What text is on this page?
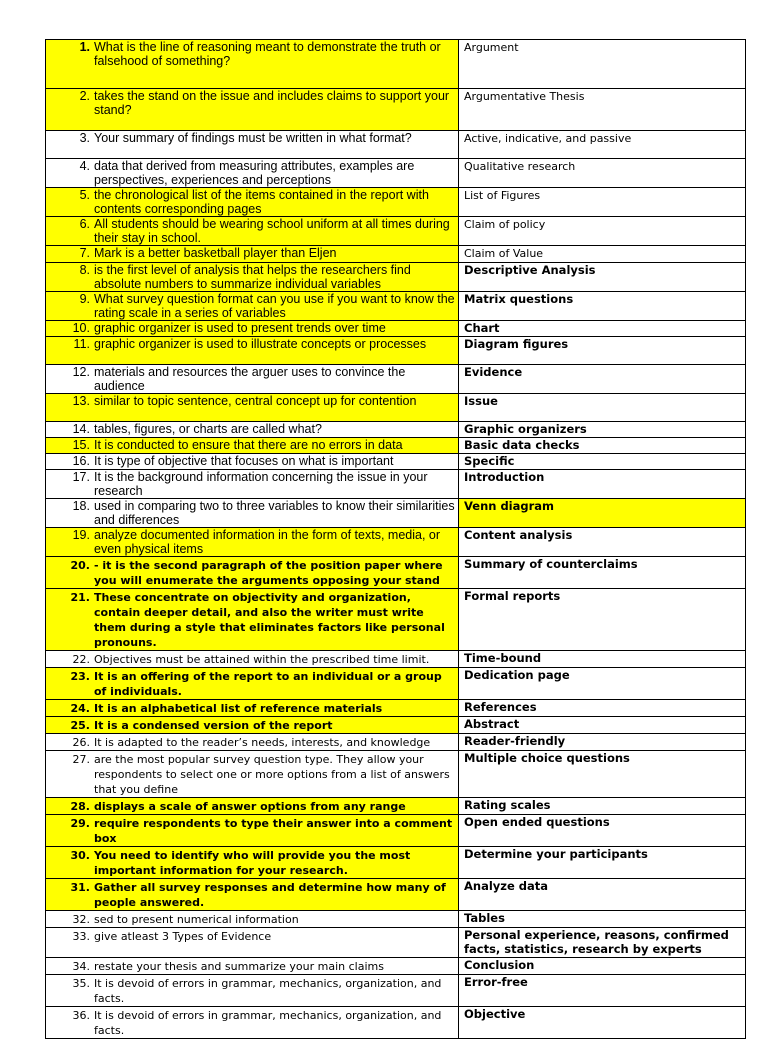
1. What is the line of reasoning meant to demonstrate the truth or falsehood of something?	Argument

2. takes the stand on the issue and includes claims to support your stand?	Argumentative Thesis

3. Your summary of findings must be written in what format?	Active, indicative, and passive

4. data that derived from measuring attributes, examples are perspectives, experiences and perceptions	Qualitative research

5. the chronological list of the items contained in the report with contents corresponding pages	List of Figures

6. All students should be wearing school uniform at all times during their stay in school.	Claim of policy

7. Mark is a better basketball player than Eljen	Claim of Value

8. is the first level of analysis that helps the researchers find absolute numbers to summarize individual variables	Descriptive Analysis

9. What survey question format can you use if you want to know the rating scale in a series of variables	Matrix questions

10. graphic organizer is used to present trends over time	Chart

11. graphic organizer is used to illustrate concepts or processes	Diagram figures

12. materials and resources the arguer uses to convince the audience	Evidence

13. similar to topic sentence, central concept up for contention	Issue

14. tables, figures, or charts are called what?	Graphic organizers

15. It is conducted to ensure that there are no errors in data	Basic data checks

16. It is type of objective that focuses on what is important	Specific

17. It is the background information concerning the issue in your research	Introduction

18. used in comparing two to three variables to know their similarities and differences	Venn diagram

19. analyze documented information in the form of texts, media, or even physical items	Content analysis

20. - it is the second paragraph of the position paper where you will enumerate the arguments opposing your stand	Summary of counterclaims

21. These concentrate on objectivity and organization, contain deeper detail, and also the writer must write them during a style that eliminates factors like personal pronouns.	Formal reports

22. Objectives must be attained within the prescribed time limit.	Time-bound

23. It is an offering of the report to an individual or a group of individuals.	Dedication page

24. It is an alphabetical list of reference materials	References

25. It is a condensed version of the report	Abstract

26. It is adapted to the reader’s needs, interests, and knowledge	Reader-friendly

27. are the most popular survey question type. They allow your respondents to select one or more options from a list of answers that you define	Multiple choice questions

28. displays a scale of answer options from any range	Rating scales

29. require respondents to type their answer into a comment box	Open ended questions

30. You need to identify who will provide you the most important information for your research.	Determine your participants

31. Gather all survey responses and determine how many of people answered.	Analyze data

32. sed to present numerical information	Tables

33. give atleast 3 Types of Evidence	Personal experience, reasons, confirmed facts, statistics, research by experts

34. restate your thesis and summarize your main claims	Conclusion

35. It is devoid of errors in grammar, mechanics, organization, and facts.	Error-free

36. It is devoid of errors in grammar, mechanics, organization, and facts.	Objective
